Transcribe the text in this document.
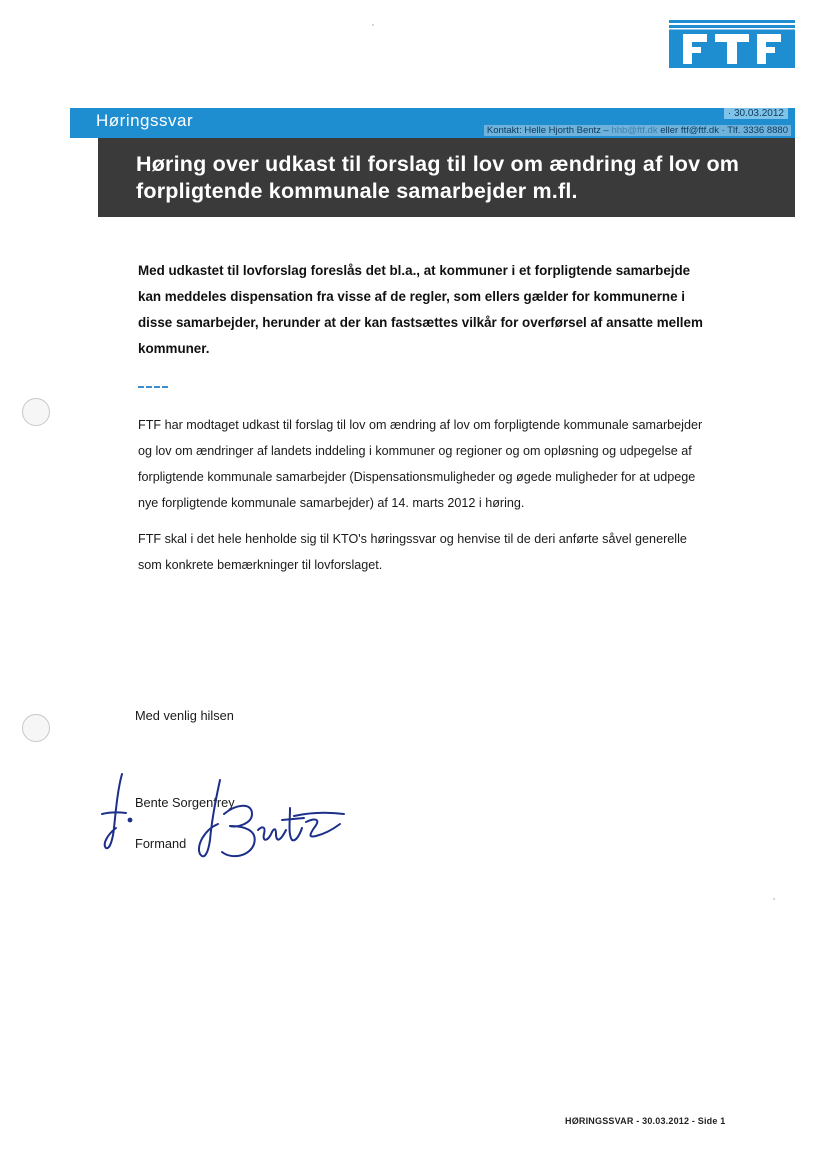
Høringssvar	· 30.03.2012
Kontakt: Helle Hjorth Bentz – hhb@ftf.dk eller ftf@ftf.dk · Tlf. 3336 8880
Høring over udkast til forslag til lov om ændring af lov om forpligtende kommunale samarbejder m.fl.
Med udkastet til lovforslag foreslås det bl.a., at kommuner i et forpligtende samarbejde kan meddeles dispensation fra visse af de regler, som ellers gælder for kommunerne i disse samarbejder, herunder at der kan fastsættes vilkår for overførsel af ansatte mellem kommuner.

FTF har modtaget udkast til forslag til lov om ændring af lov om forpligtende kommunale samarbejder og lov om ændringer af landets inddeling i kommuner og regioner og om opløsning og udpegelse af forpligtende kommunale samarbejder (Dispensationsmuligheder og øgede muligheder for at udpege nye forpligtende kommunale samarbejder) af 14. marts 2012 i høring.

FTF skal i det hele henholde sig til KTO's høringssvar og henvise til de deri anførte såvel generelle som konkrete bemærkninger til lovforslaget.

Med venlig hilsen
Bente Sorgenfrey
Formand
HØRINGSSVAR - 30.03.2012 - Side 1
